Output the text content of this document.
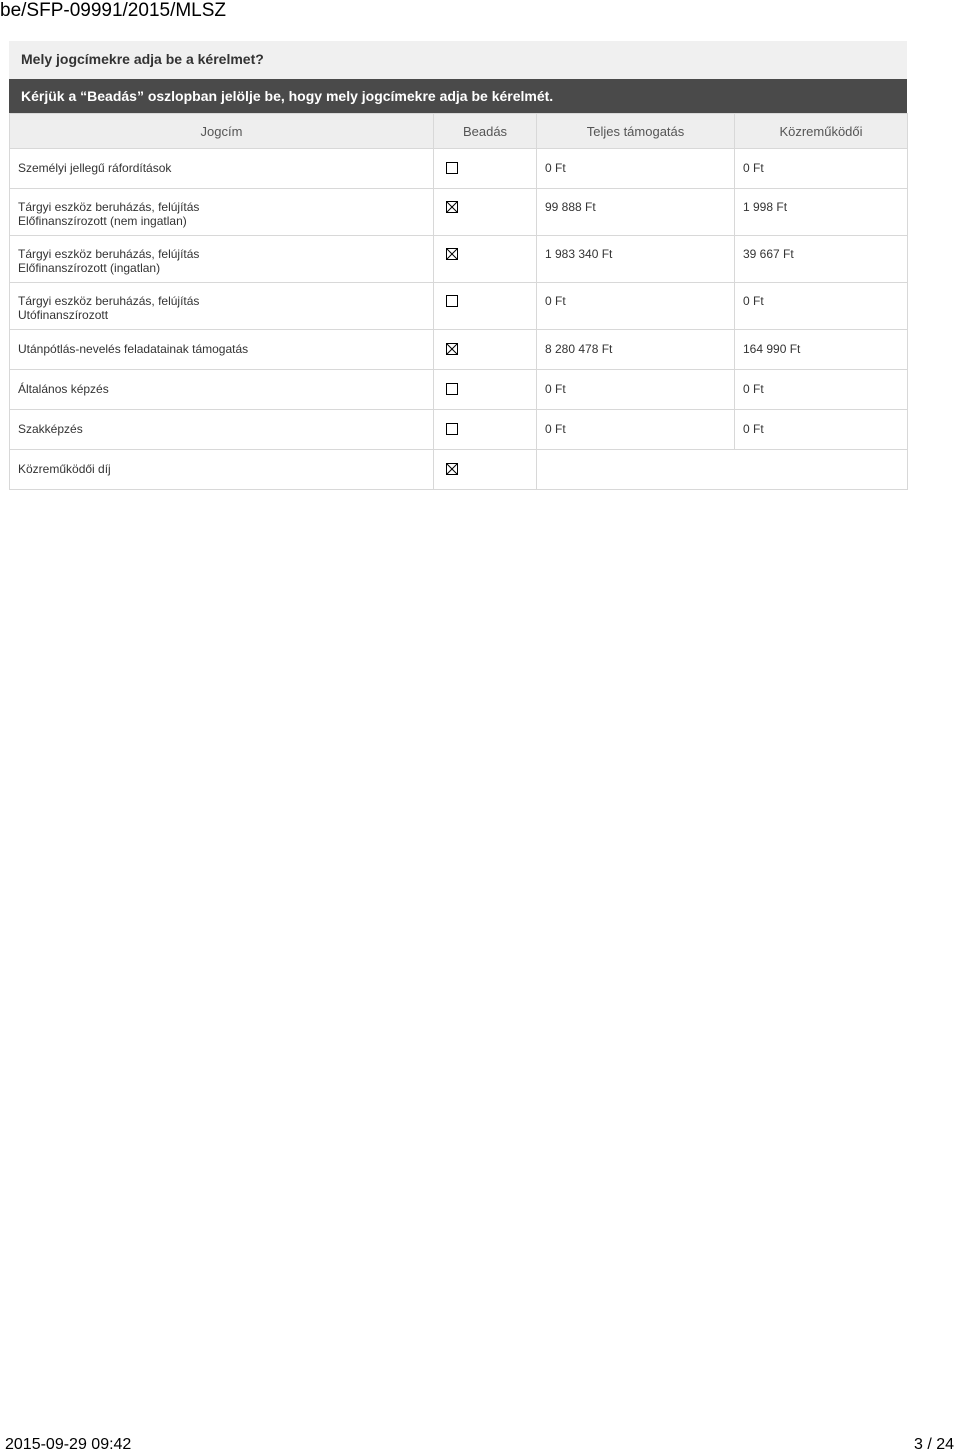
be/SFP-09991/2015/MLSZ
Mely jogcímekre adja be a kérelmet?
Kérjük a “Beadás” oszlopban jelölje be, hogy mely jogcímekre adja be kérelmét.
Jogcím	Beadás	Teljes támogatás	Közreműködői

Személyi jellegű ráfordítások		0 Ft	0 Ft

Tárgyi eszköz beruházás, felújítás
Előfinanszírozott (nem ingatlan)		99 888 Ft	1 998 Ft

Tárgyi eszköz beruházás, felújítás
Előfinanszírozott (ingatlan)		1 983 340 Ft	39 667 Ft

Tárgyi eszköz beruházás, felújítás
Utófinanszírozott		0 Ft	0 Ft

Utánpótlás-nevelés feladatainak támogatás		8 280 478 Ft	164 990 Ft

Általános képzés		0 Ft	0 Ft

Szakképzés		0 Ft	0 Ft

Közreműködői díj

2015-09-29 09:42	3 / 24
